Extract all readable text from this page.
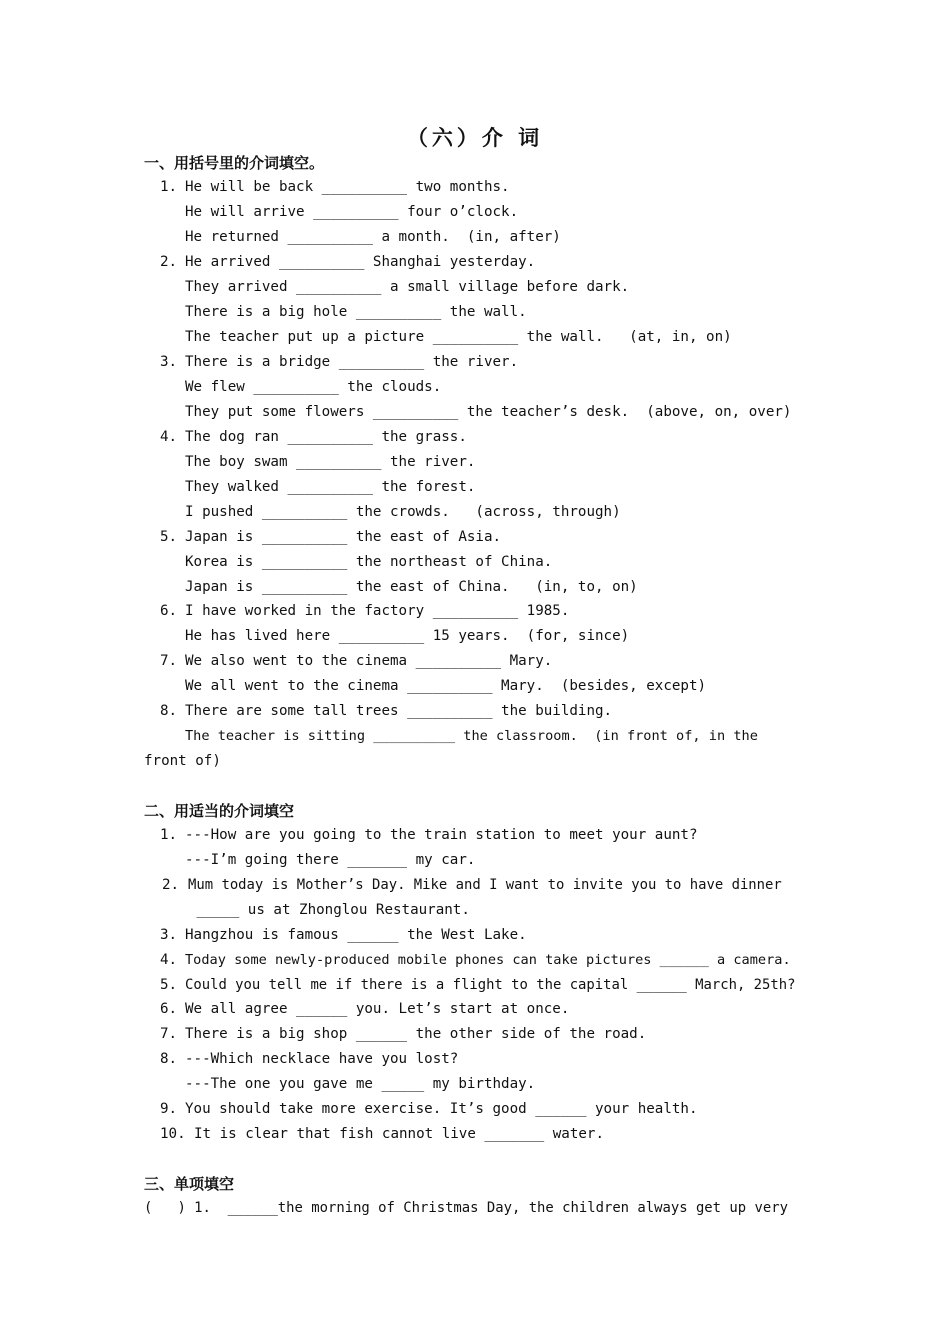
（六）介 词
一、用括号里的介词填空。
1. He will be back __________ two months.
He will arrive __________ four o’clock.
He returned __________ a month.  (in, after)
2. He arrived __________ Shanghai yesterday.
They arrived __________ a small village before dark.
There is a big hole __________ the wall.
The teacher put up a picture __________ the wall.   (at, in, on)
3. There is a bridge __________ the river.
We flew __________ the clouds.
They put some flowers __________ the teacher’s desk.  (above, on, over)
4. The dog ran __________ the grass.
The boy swam __________ the river.
They walked __________ the forest.
I pushed __________ the crowds.   (across, through)
5. Japan is __________ the east of Asia.
Korea is __________ the northeast of China.
Japan is __________ the east of China.   (in, to, on)
6. I have worked in the factory __________ 1985.
He has lived here __________ 15 years.  (for, since)
7. We also went to the cinema __________ Mary.
We all went to the cinema __________ Mary.  (besides, except)
8. There are some tall trees __________ the building.
The teacher is sitting __________ the classroom.  (in front of, in the
front of)
二、用适当的介词填空
1. ---How are you going to the train station to meet your aunt?
---I’m going there _______ my car.
2. Mum today is Mother’s Day. Mike and I want to invite you to have dinner
_____ us at Zhonglou Restaurant.
3. Hangzhou is famous ______ the West Lake.
4. Today some newly-produced mobile phones can take pictures ______ a camera.
5. Could you tell me if there is a flight to the capital ______ March, 25th?
6. We all agree ______ you. Let’s start at once.
7. There is a big shop ______ the other side of the road.
8. ---Which necklace have you lost?
---The one you gave me _____ my birthday.
9. You should take more exercise. It’s good ______ your health.
10. It is clear that fish cannot live _______ water.
三、单项填空
(   ) 1.  ______the morning of Christmas Day, the children always get up very
